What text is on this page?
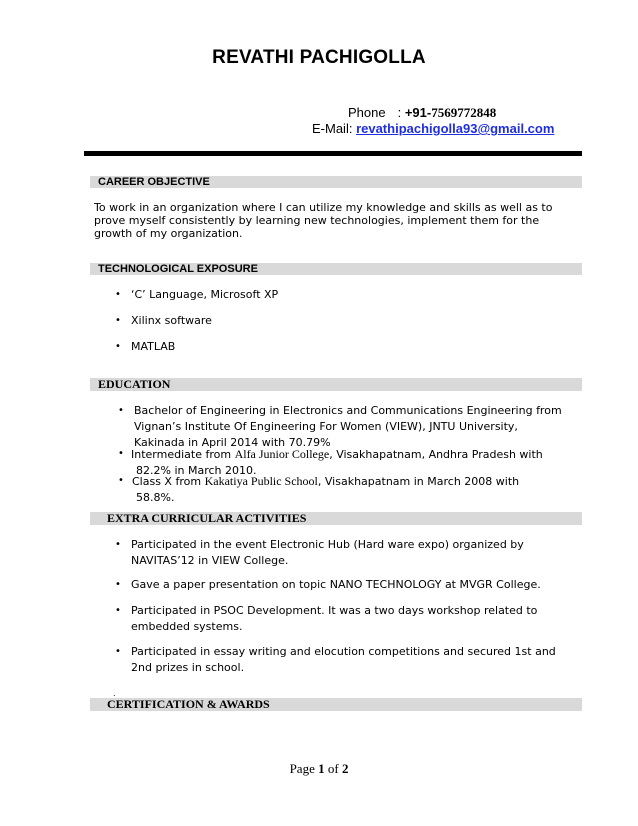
REVATHI PACHIGOLLA
Phone : +91-7569772848
E-Mail: revathipachigolla93@gmail.com
CAREER OBJECTIVE
To work in an organization where I can utilize my knowledge and skills as well as to prove myself consistently by learning new technologies, implement them for the growth of my organization.
TECHNOLOGICAL EXPOSURE
• ‘C’ Language, Microsoft XP
• Xilinx software
• MATLAB
EDUCATION
• Bachelor of Engineering in Electronics and Communications Engineering from
Vignan’s Institute Of Engineering For Women (VIEW), JNTU University,
Kakinada in April 2014 with 70.79%
• Intermediate from Alfa Junior College, Visakhapatnam, Andhra Pradesh with
82.2% in March 2010.
• Class X from Kakatiya Public School, Visakhapatnam in March 2008 with
58.8%.
EXTRA CURRICULAR ACTIVITIES
• Participated in the event Electronic Hub (Hard ware expo) organized by
NAVITAS’12 in VIEW College.
• Gave a paper presentation on topic NANO TECHNOLOGY at MVGR College.
• Participated in PSOC Development. It was a two days workshop related to
embedded systems.
• Participated in essay writing and elocution competitions and secured 1st and
2nd prizes in school.
.
CERTIFICATION & AWARDS
Page 1 of 2
